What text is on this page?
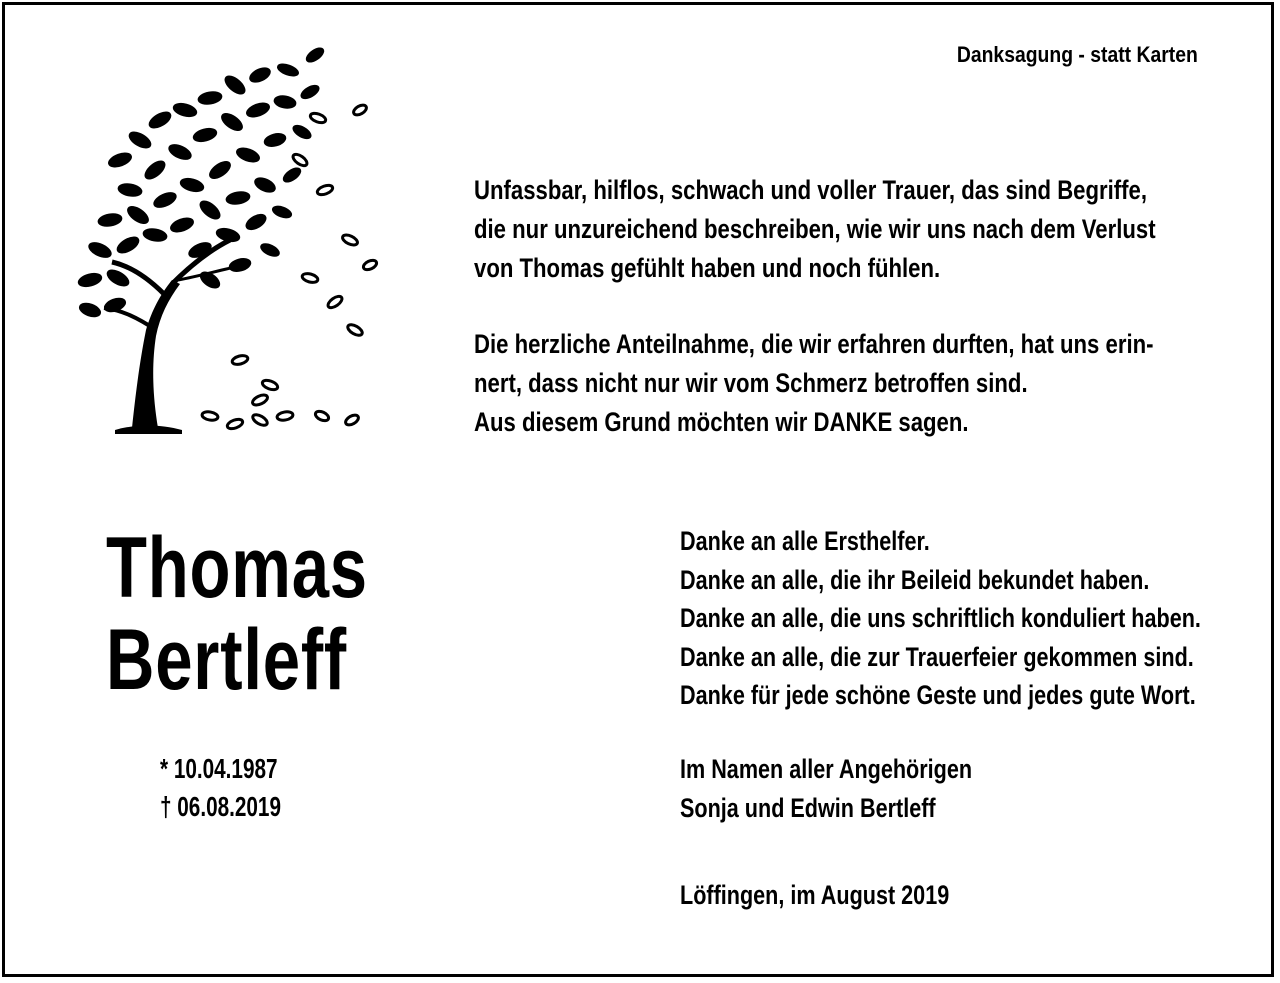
Danksagung - statt Karten

Unfassbar, hilflos, schwach und voller Trauer, das sind Begriffe,
die nur unzureichend beschreiben, wie wir uns nach dem Verlust
von Thomas gefühlt haben und noch fühlen.
Die herzliche Anteilnahme, die wir erfahren durften, hat uns erin-
nert, dass nicht nur wir vom Schmerz betroffen sind.
Aus diesem Grund möchten wir DANKE sagen.

Thomas

Bertleff

* 10.04.1987

† 06.08.2019

Danke an alle Ersthelfer.
Danke an alle, die ihr Beileid bekundet haben.
Danke an alle, die uns schriftlich konduliert haben.
Danke an alle, die zur Trauerfeier gekommen sind.
Danke für jede schöne Geste und jedes gute Wort.
Im Namen aller Angehörigen
Sonja und Edwin Bertleff

Löffingen, im August 2019
